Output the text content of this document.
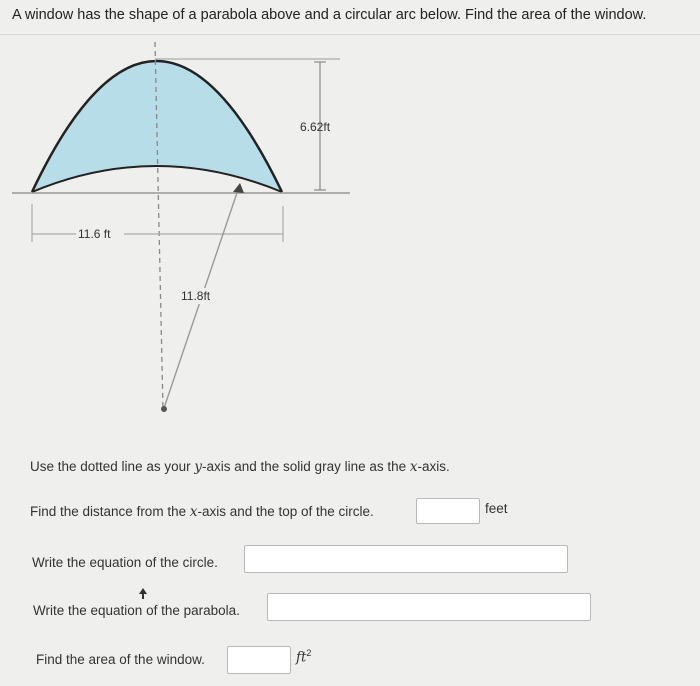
A window has the shape of a parabola above and a circular arc below. Find the area of the window.
6.62ft
11.6 ft
11.8ft
Use the dotted line as your y-axis and the solid gray line as the x-axis.
Find the distance from the x-axis and the top of the circle.	feet
Write the equation of the circle.
Write the equation of the parabola.
Find the area of the window.	$ft^2$
